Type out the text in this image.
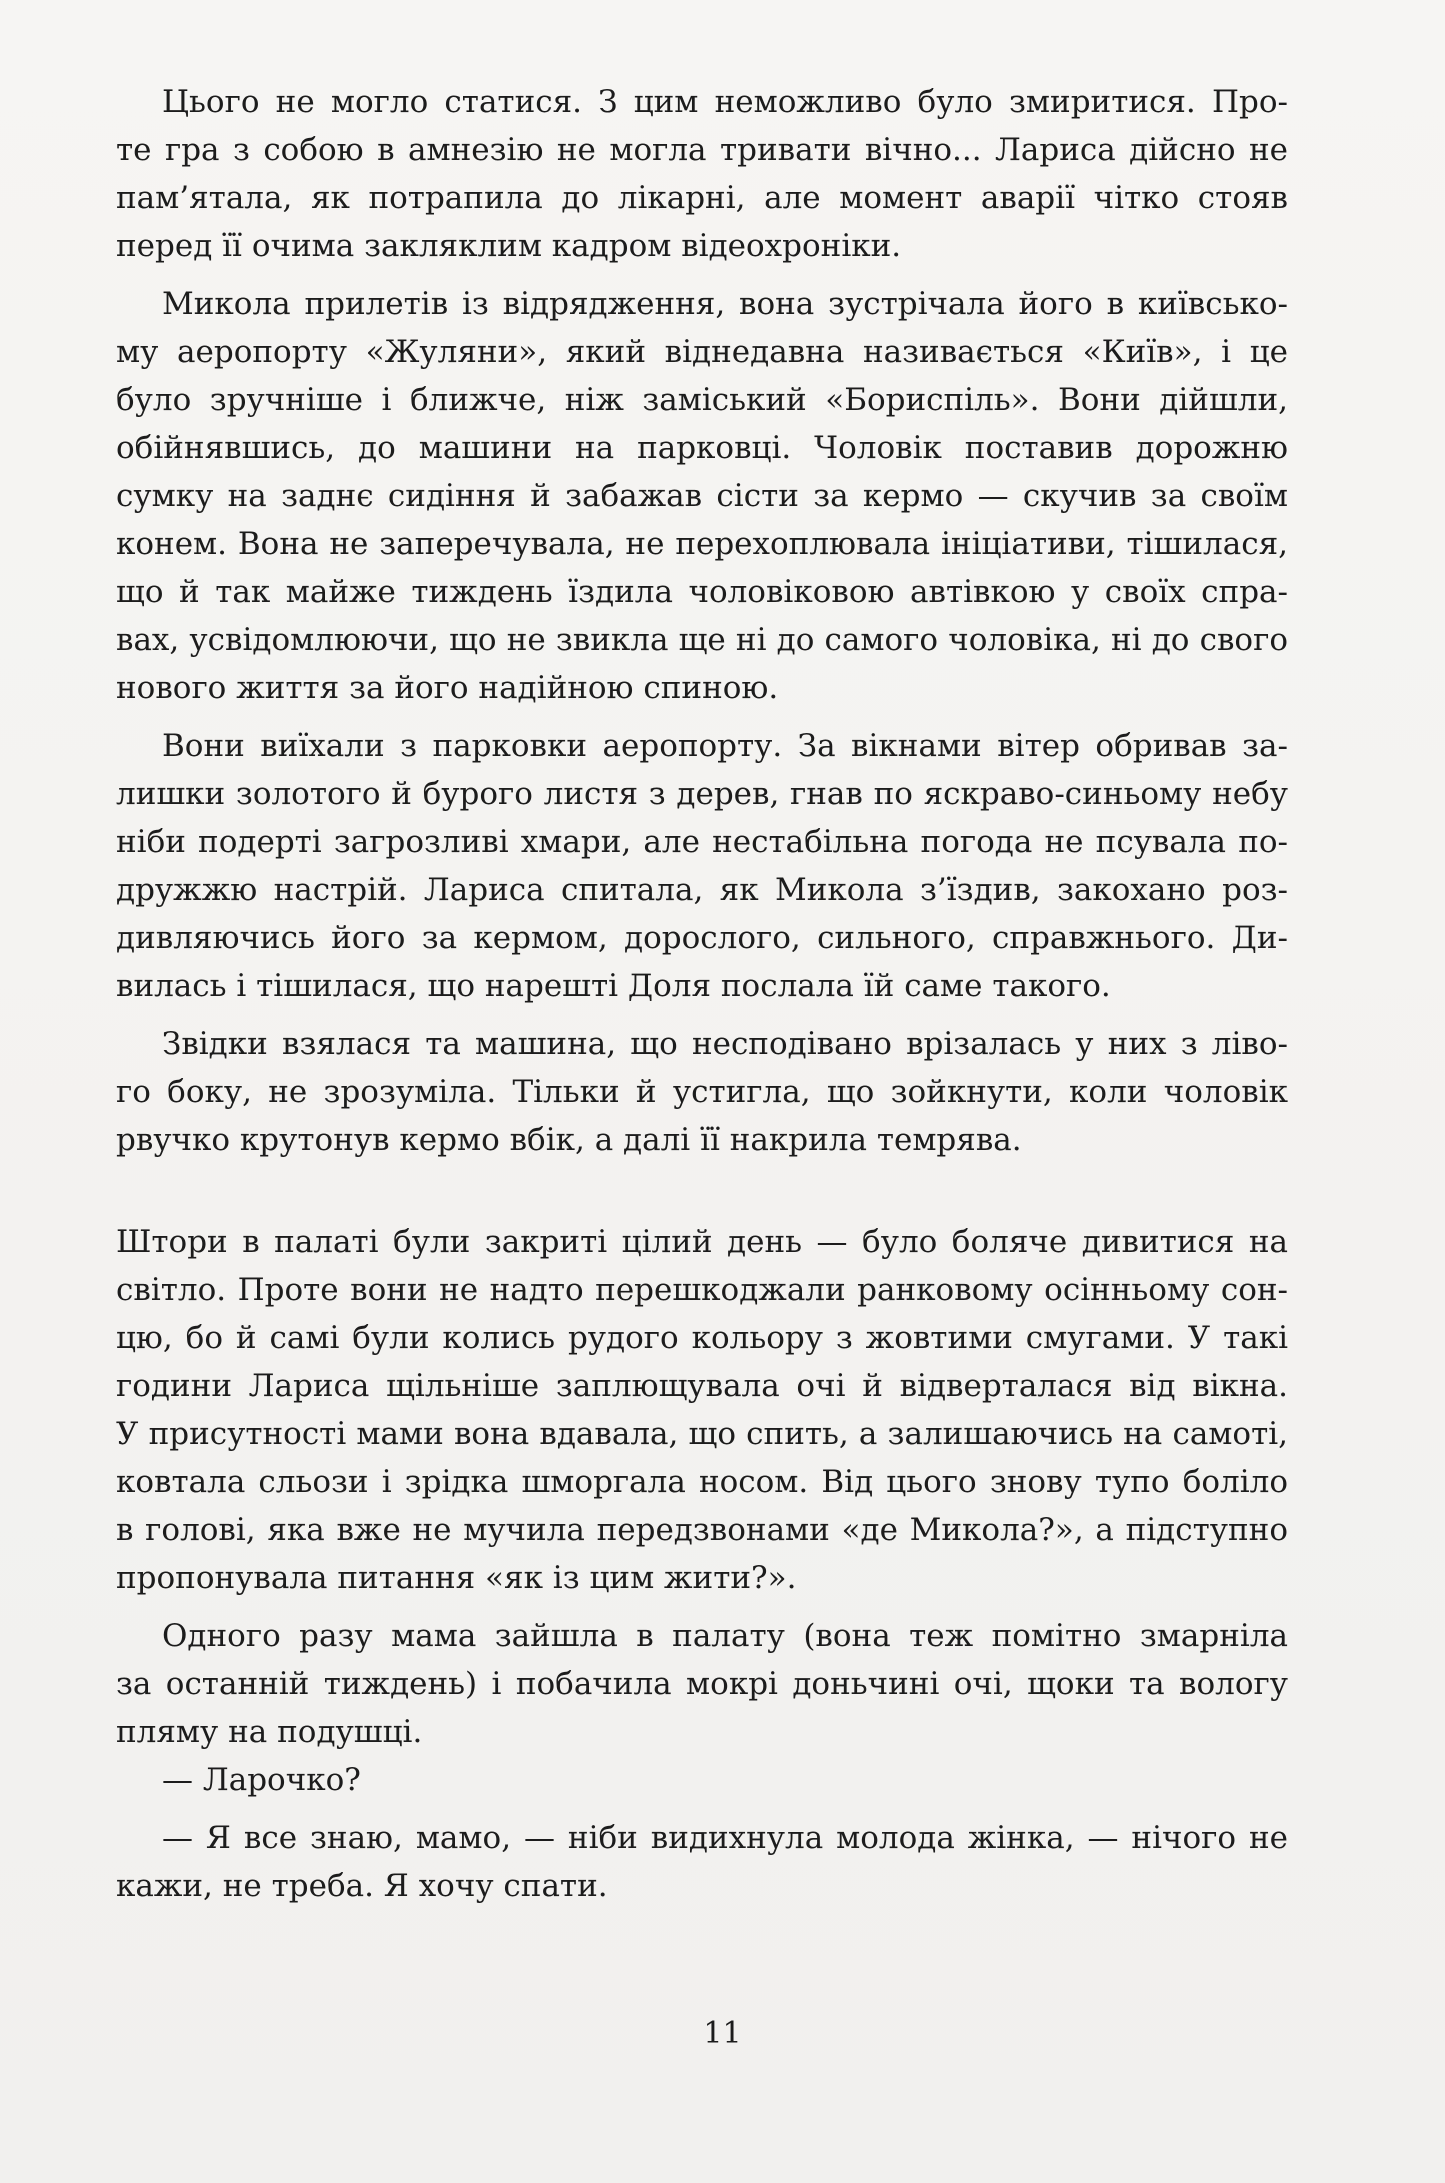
Цього не могло статися. З цим неможливо було змиритися. Про-
те гра з собою в амнезію не могла тривати вічно... Лариса дійсно не
пам’ятала, як потрапила до лікарні, але момент аварії чітко стояв
перед її очима закляклим кадром відеохроніки.
Микола прилетів із відрядження, вона зустрічала його в київсько-
му аеропорту «Жуляни», який віднедавна називається «Київ», і це
було зручніше і ближче, ніж заміський «Бориспіль». Вони дійшли,
обійнявшись, до машини на парковці. Чоловік поставив дорожню
сумку на заднє сидіння й забажав сісти за кермо — скучив за своїм
конем. Вона не заперечувала, не перехоплювала ініціативи, тішилася,
що й так майже тиждень їздила чоловіковою автівкою у своїх спра-
вах, усвідомлюючи, що не звикла ще ні до самого чоловіка, ні до свого
нового життя за його надійною спиною.
Вони виїхали з парковки аеропорту. За вікнами вітер обривав за-
лишки золотого й бурого листя з дерев, гнав по яскраво-синьому небу
ніби подерті загрозливі хмари, але нестабільна погода не псувала по-
дружжю настрій. Лариса спитала, як Микола з’їздив, закохано роз-
дивляючись його за кермом, дорослого, сильного, справжнього. Ди-
вилась і тішилася, що нарешті Доля послала їй саме такого.
Звідки взялася та машина, що несподівано врізалась у них з ліво-
го боку, не зрозуміла. Тільки й устигла, що зойкнути, коли чоловік
рвучко крутонув кермо вбік, а далі її накрила темрява.
Штори в палаті були закриті цілий день — було боляче дивитися на
світло. Проте вони не надто перешкоджали ранковому осінньому сон-
цю, бо й самі були колись рудого кольору з жовтими смугами. У такі
години Лариса щільніше заплющувала очі й відверталася від вікна.
У присутності мами вона вдавала, що спить, а залишаючись на самоті,
ковтала сльози і зрідка шморгала носом. Від цього знову тупо боліло
в голові, яка вже не мучила передзвонами «де Микола?», а підступно
пропонувала питання «як із цим жити?».
Одного разу мама зайшла в палату (вона теж помітно змарніла
за останній тиждень) і побачила мокрі доньчині очі, щоки та вологу
пляму на подушці.
— Ларочко?
— Я все знаю, мамо, — ніби видихнула молода жінка, — нічого не
кажи, не треба. Я хочу спати.
11
